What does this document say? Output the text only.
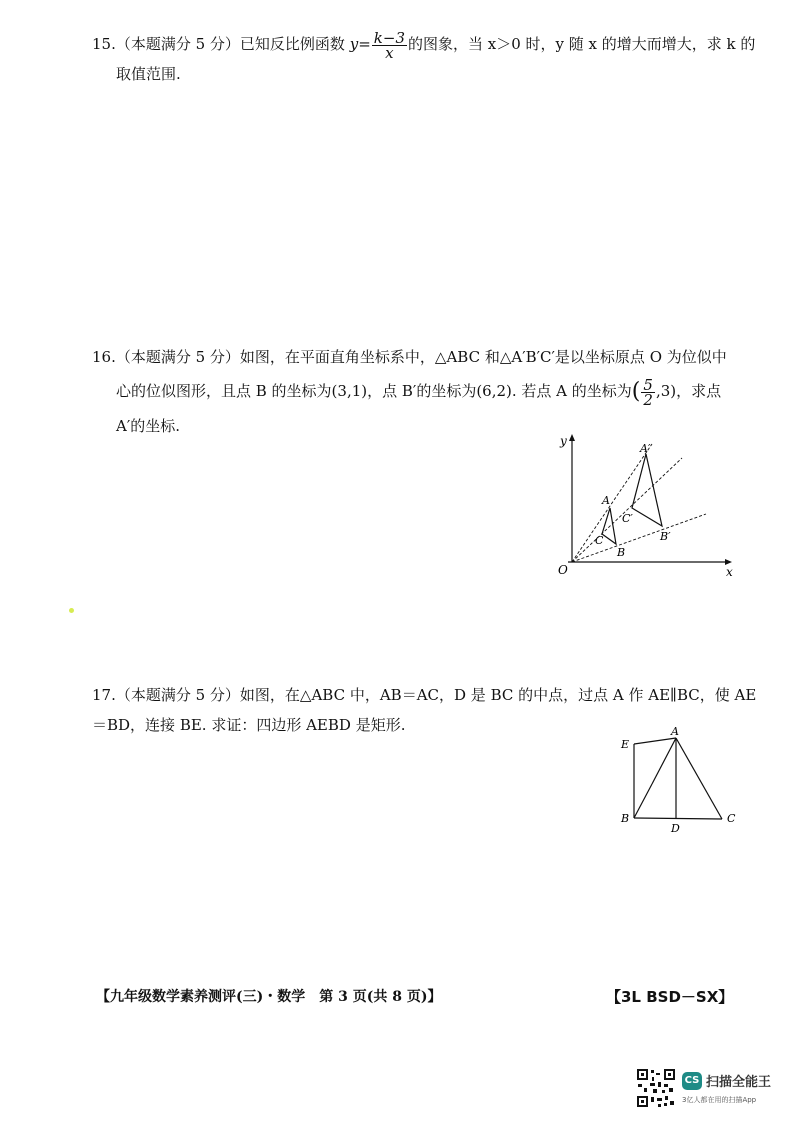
15.（本题满分 5 分）已知反比例函数 $y= \frac{k-3}{x}$ 的图象，当 x＞0 时，y 随 x 的增大而增大，求 k 的
取值范围.
16.（本题满分 5 分）如图，在平面直角坐标系中，△ABC 和△A′B′C′是以坐标原点 O 为位似中
心的位似图形，且点 B 的坐标为(3,1)，点 B′的坐标为(6,2). 若点 A 的坐标为( $\frac{5}{2} ,3$)，求点
A′的坐标.
y
x
O
A
B
C
A′
B′
C′
17.（本题满分 5 分）如图，在△ABC 中，AB＝AC，D 是 BC 的中点，过点 A 作 AE∥BC，使 AE
＝BD，连接 BE. 求证：四边形 AEBD 是矩形.
E
A
B
D
C
【九年级数学素养测评(三)・数学　第 3 页(共 8 页)】	【3L BSD－SX】
CS 扫描全能王
3亿人都在用的扫描App
